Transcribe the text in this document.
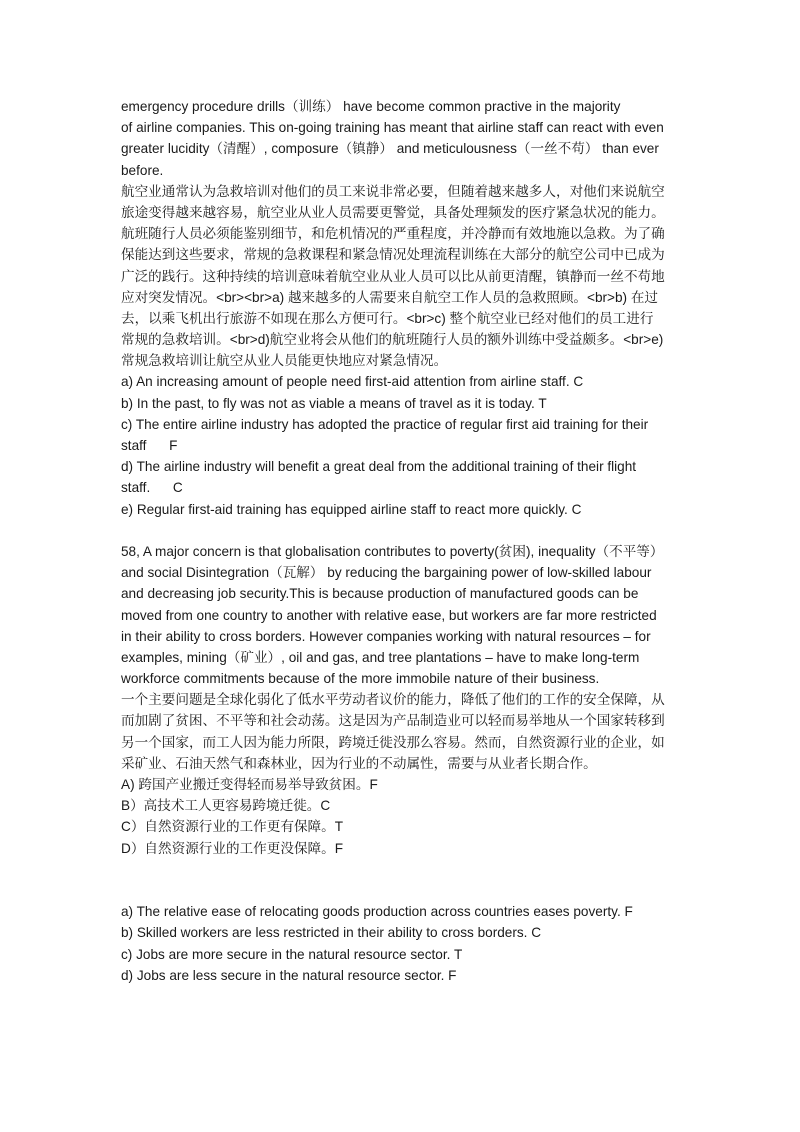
emergency procedure drills（训练） have become common practive in the majority

of airline companies. This on-going training has meant that airline staff can react with even

greater lucidity（清醒）, composure（镇静） and meticulousness（一丝不苟） than ever

before.

航空业通常认为急救培训对他们的员工来说非常必要，但随着越来越多人，对他们来说航空

旅途变得越来越容易，航空业从业人员需要更警觉，具备处理频发的医疗紧急状况的能力。

航班随行人员必须能鉴别细节，和危机情况的严重程度，并冷静而有效地施以急救。为了确

保能达到这些要求，常规的急救课程和紧急情况处理流程训练在大部分的航空公司中已成为

广泛的践行。这种持续的培训意味着航空业从业人员可以比从前更清醒，镇静而一丝不苟地

应对突发情况。<br><br>a) 越来越多的人需要来自航空工作人员的急救照顾。<br>b) 在过

去，以乘飞机出行旅游不如现在那么方便可行。<br>c) 整个航空业已经对他们的员工进行

常规的急救培训。<br>d)航空业将会从他们的航班随行人员的额外训练中受益颇多。<br>e)

常规急救培训让航空从业人员能更快地应对紧急情况。

a) An increasing amount of people need first-aid attention from airline staff. C

b) In the past, to fly was not as viable a means of travel as it is today. T

c) The entire airline industry has adopted the practice of regular first aid training for their

staff      F

d) The airline industry will benefit a great deal from the additional training of their flight

staff.      C

e) Regular first-aid training has equipped airline staff to react more quickly. C

58, A major concern is that globalisation contributes to poverty(贫困), inequality（不平等）

and social Disintegration（瓦解） by reducing the bargaining power of low-skilled labour

and decreasing job security.This is because production of manufactured goods can be

moved from one country to another with relative ease, but workers are far more restricted

in their ability to cross borders. However companies working with natural resources – for

examples, mining（矿业）, oil and gas, and tree plantations – have to make long-term

workforce commitments because of the more immobile nature of their business.

一个主要问题是全球化弱化了低水平劳动者议价的能力，降低了他们的工作的安全保障，从

而加剧了贫困、不平等和社会动荡。这是因为产品制造业可以轻而易举地从一个国家转移到

另一个国家，而工人因为能力所限，跨境迁徙没那么容易。然而，自然资源行业的企业，如

采矿业、石油天然气和森林业，因为行业的不动属性，需要与从业者长期合作。

A) 跨国产业搬迁变得轻而易举导致贫困。F

B）高技术工人更容易跨境迁徙。C

C）自然资源行业的工作更有保障。T

D）自然资源行业的工作更没保障。F

a) The relative ease of relocating goods production across countries eases poverty. F

b) Skilled workers are less restricted in their ability to cross borders. C

c) Jobs are more secure in the natural resource sector. T

d) Jobs are less secure in the natural resource sector. F
